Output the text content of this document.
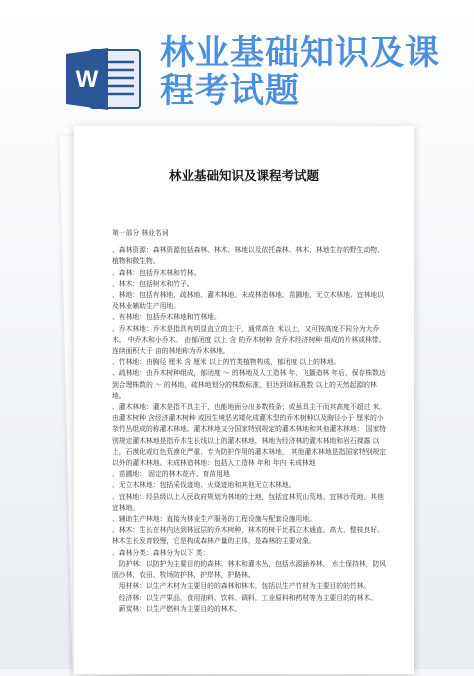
W
林业基础知识及课程考试题
林业基础知识及课程考试题

第一部分 林业名词

、森林资源：森林资源包括森林、林木、林地以及依托森林、林木、林地生存的野生动物、植物和微生物。

、森林：包括乔木林和竹林。

、林木：包括树木和竹子。

、林地：包括有林地、疏林地、灌木林地、未成林造林地、苗圃地、无立木林地、宜林地以及林业辅助生产用地。

、有林地：包括乔木林地和竹林地。

、乔木林地：乔木是指具有明显直立的主干，通常高在 米以上，又可按高度不同分为大乔木、 中乔木和小乔木。 由郁闭度 以上 含 的乔木树种 含乔木经济树种 组成的片林或林带。 连续面积大于 亩的林地称为乔木林地。

、竹林地：由胸径 厘米 含 厘米 以上的竹类植物构成，郁闭度 以上的林地。

、疏林地：由乔木树种组成，郁闭度 ～ 的林地及人工造林 年、飞播造林 年后，保存株数达到合理株数的 ～ 的林地，疏林地划分的株数标准，但达到该标准数 以上的天然起源的林地。

、灌木林地：灌木是指不具主干，也能地面分出多数枝条；或虽具主干而其高度不超过 米。由灌木树种 含经济灌木树种 或因生境恶劣矮化成灌木型的乔木树种以及胸径小于 厘米的小杂竹丛组成的称灌木林地。灌木林地又分国家特别规定的灌木林地和其他灌木林地： 国家特别规定灌木林地是指乔木生长线以上的灌木林地，林地为经济林的灌木林地和岩石裸露 以上，石漠化或红色荒漠化严重、专为防护作用的灌木林地， 其他灌木林地是指国家特别规定以外的灌木林地。未成林造林地：包括人工造林 年和 年内 未成林地

、苗圃地： 固定的林木花卉、育苗用地

、无立木林地：包括采伐迹地、火烧迹地和其他无立木林地。

、宜林地：经县级以上人民政府规划为林地的土地，包括宜林荒山荒地、宜林沙荒地、其他宜林地。

、辅助生产林地：直接为林业生产服务的工程设施与配套设施用地。

、林木：生长在林内达到林冠层的乔木树种，林木的树干比孤立木通直、高大、整枝良好。林木生长发育较慢，它是构成森林产量的主体，是森林的主要对象。

、森林分类：森林分为以下 类：

防护林：以防护为主要目的的森林、林木和灌木丛，包括水源涵养林， 水土保持林，防风固沙林，农田、牧场防护林，护岸林，护路林。

用材林：以生产木材为主要目的的森林和林木，包括以生产竹材为主要目的的竹林。

经济林：以生产果品，食用油料、饮料、调料，工业原料和药材等为主要目的的林木。

薪炭林：以生产燃料为主要目的的林木。
